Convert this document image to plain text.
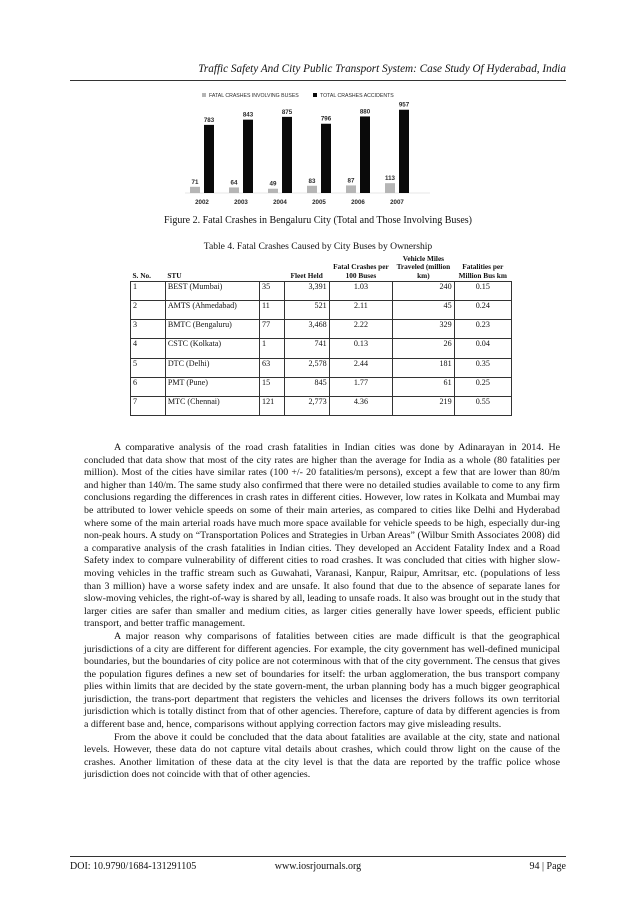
Traffic Safety And City Public Transport System: Case Study Of Hyderabad, India
FATAL CRASHES INVOLVING BUSES	TOTAL CRASHES ACCIDENTS
71
783
2002
64
843
2003
49
875
2004
83
796
2005
87
880
2006
113
957
2007
Figure 2. Fatal Crashes in Bengaluru City (Total and Those Involving Buses)
Table 4. Fatal Crashes Caused by City Buses by Ownership
S. No.	STU		Fleet Held	Fatal Crashes per 100 Buses	Vehicle Miles Traveled (million km)	Fatalities per Million Bus km
1	BEST (Mumbai)	35	3,391	1.03	240	0.15
2	AMTS (Ahmedabad)	11	521	2.11	45	0.24
3	BMTC (Bengaluru)	77	3,468	2.22	329	0.23
4	CSTC (Kolkata)	1	741	0.13	26	0.04
5	DTC (Delhi)	63	2,578	2.44	181	0.35
6	PMT (Pune)	15	845	1.77	61	0.25
7	MTC (Chennai)	121	2,773	4.36	219	0.55

A comparative analysis of the road crash fatalities in Indian cities was done by Adinarayan in 2014. He concluded that data show that most of the city rates are higher than the average for India as a whole (80 fatalities per million). Most of the cities have similar rates (100 +/- 20 fatalities/m persons), except a few that are lower than 80/m and higher than 140/m. The same study also confirmed that there were no detailed studies available to come to any firm conclusions regarding the differences in crash rates in different cities. However, low rates in Kolkata and Mumbai may be attributed to lower vehicle speeds on some of their main arteries, as compared to cities like Delhi and Hyderabad where some of the main arterial roads have much more space available for vehicle speeds to be high, especially dur-ing non-peak hours. A study on “Transportation Polices and Strategies in Urban Areas” (Wilbur Smith Associates 2008) did a comparative analysis of the crash fatalities in Indian cities. They developed an Accident Fatality Index and a Road Safety index to compare vulnerability of different cities to road crashes. It was concluded that cities with higher slow-moving vehicles in the traffic stream such as Guwahati, Varanasi, Kanpur, Raipur, Amritsar, etc. (populations of less than 3 million) have a worse safety index and are unsafe. It also found that due to the absence of separate lanes for slow-moving vehicles, the right-of-way is shared by all, leading to unsafe roads. It also was brought out in the study that larger cities are safer than smaller and medium cities, as larger cities generally have lower speeds, efficient public transport, and better traffic management.

A major reason why comparisons of fatalities between cities are made difficult is that the geographical jurisdictions of a city are different for different agencies. For example, the city government has well-defined municipal boundaries, but the boundaries of city police are not coterminous with that of the city government. The census that gives the population figures defines a new set of boundaries for itself: the urban agglomeration, the bus transport company plies within limits that are decided by the state govern-ment, the urban planning body has a much bigger geographical jurisdiction, the trans-port department that registers the vehicles and licenses the drivers follows its own territorial jurisdiction which is totally distinct from that of other agencies. Therefore, capture of data by different agencies is from a different base and, hence, comparisons without applying correction factors may give misleading results.

From the above it could be concluded that the data about fatalities are available at the city, state and national levels. However, these data do not capture vital details about crashes, which could throw light on the cause of the crashes. Another limitation of these data at the city level is that the data are reported by the traffic police whose jurisdiction does not coincide with that of other agencies.

DOI: 10.9790/1684-131291105	www.iosrjournals.org	94 | Page
